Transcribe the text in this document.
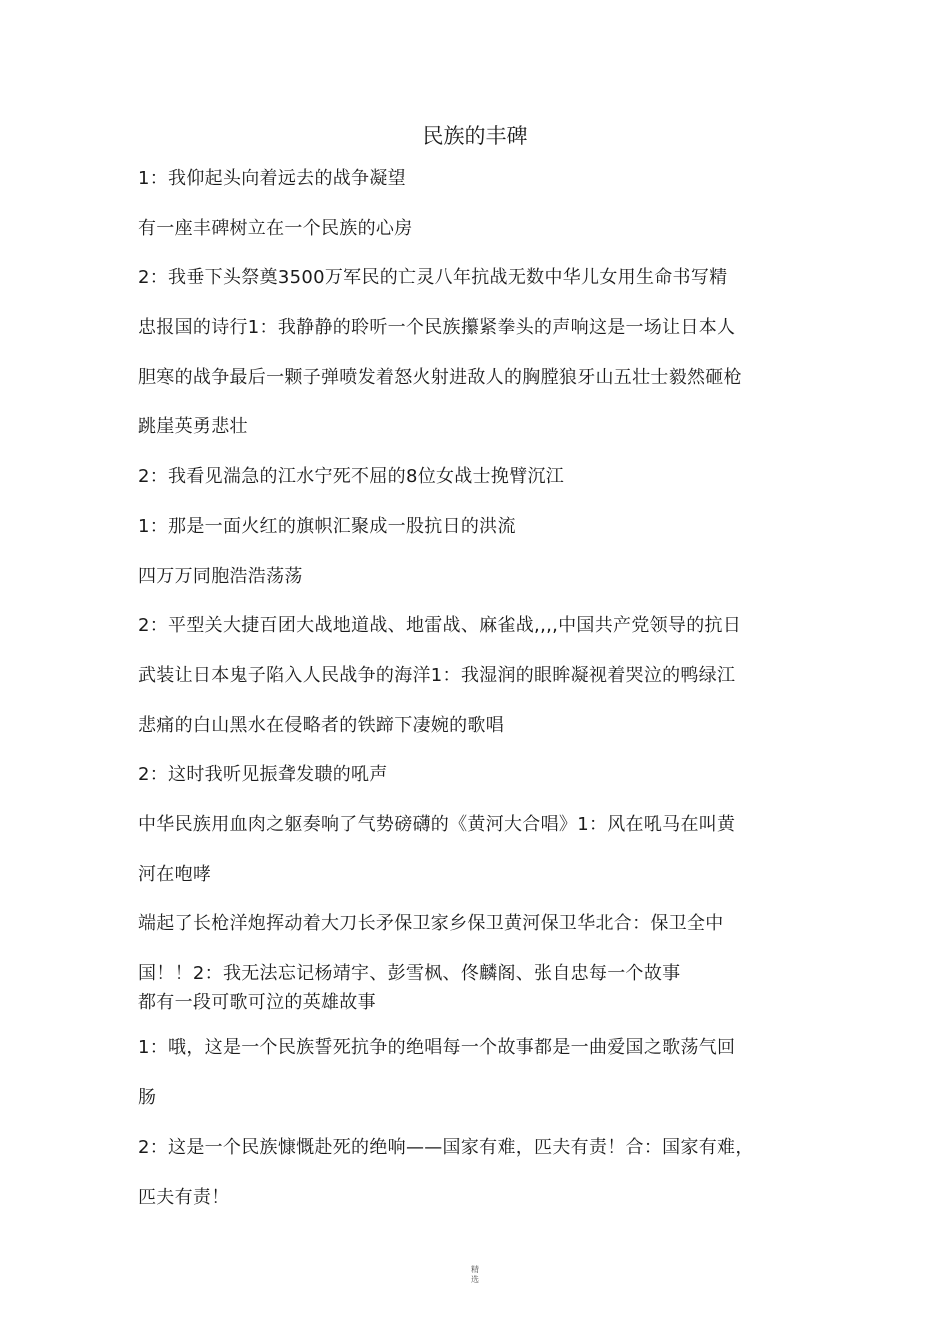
民族的丰碑
1：我仰起头向着远去的战争凝望
有一座丰碑树立在一个民族的心房
2：我垂下头祭奠3500万军民的亡灵八年抗战无数中华儿女用生命书写精
忠报国的诗行1：我静静的聆听一个民族攥紧拳头的声响这是一场让日本人
胆寒的战争最后一颗子弹喷发着怒火射进敌人的胸膛狼牙山五壮士毅然砸枪
跳崖英勇悲壮
2：我看见湍急的江水宁死不屈的8位女战士挽臂沉江
1：那是一面火红的旗帜汇聚成一股抗日的洪流
四万万同胞浩浩荡荡
2：平型关大捷百团大战地道战、地雷战、麻雀战,,,,中国共产党领导的抗日
武装让日本鬼子陷入人民战争的海洋1：我湿润的眼眸凝视着哭泣的鸭绿江
悲痛的白山黑水在侵略者的铁蹄下凄婉的歌唱
2：这时我听见振聋发聩的吼声
中华民族用血肉之躯奏响了气势磅礴的《黄河大合唱》1：风在吼马在叫黄
河在咆哮
端起了长枪洋炮挥动着大刀长矛保卫家乡保卫黄河保卫华北合：保卫全中
国！！2：我无法忘记杨靖宇、彭雪枫、佟麟阁、张自忠每一个故事
都有一段可歌可泣的英雄故事
1：哦，这是一个民族誓死抗争的绝唱每一个故事都是一曲爱国之歌荡气回
肠
2：这是一个民族慷慨赴死的绝响——国家有难，匹夫有责！合：国家有难，
匹夫有责！
精
选
